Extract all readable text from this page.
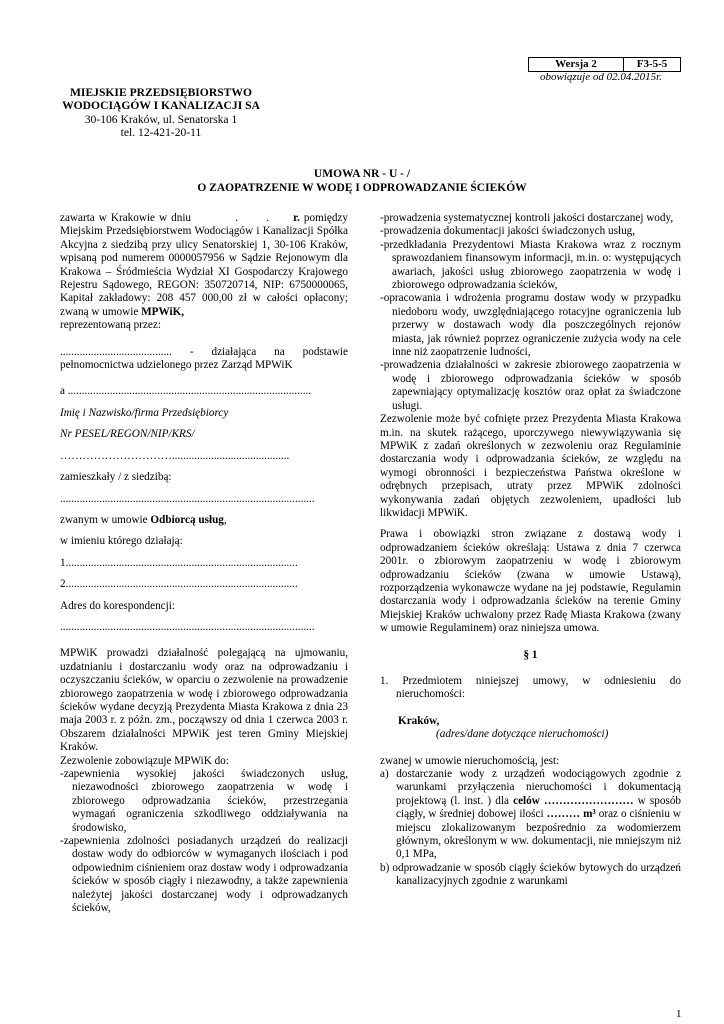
Wersja 2	F3-5-5
obowiązuje od 02.04.2015r.
MIEJSKIE PRZEDSIĘBIORSTWO
WODOCIĄGÓW I KANALIZACJI SA
30-106 Kraków, ul. Senatorska 1
tel. 12-421-20-11
UMOWA NR - U - /
O ZAOPATRZENIE W WODĘ I ODPROWADZANIE ŚCIEKÓW

zawarta w Krakowie w dniu           .       .      r. pomiędzy Miejskim Przedsiębiorstwem Wodociągów i Kanalizacji Spółka Akcyjna z siedzibą przy ulicy Senatorskiej 1, 30-106 Kraków, wpisaną pod numerem 0000057956 w Sądzie Rejonowym dla Krakowa – Śródmieścia Wydział XI Gospodarczy Krajowego Rejestru Sądowego, REGON: 350720714, NIP: 6750000065, Kapitał zakładowy: 208 457 000,00 zł w całości opłacony; zwaną w umowie MPWiK,

reprezentowaną przez:

........................................ - działająca na podstawie pełnomocnictwa udzielonego przez Zarząd MPWiK

a .......................................................................................

Imię i Nazwisko/firma Przedsiębiorcy

Nr PESEL/REGON/NIP/KRS/

…………………………..........................................

zamieszkały / z siedzibą:

...........................................................................................

zwanym w umowie Odbiorcą usług,

w imieniu którego działają:

1...................................................................................

2...................................................................................

Adres do korespondencji:

...........................................................................................

MPWiK prowadzi działalność polegającą na ujmowaniu, uzdatnianiu i dostarczaniu wody oraz na odprowadzaniu i oczyszczaniu ścieków, w oparciu o zezwolenie na prowadzenie zbiorowego zaopatrzenia w wodę i zbiorowego odprowadzania ścieków wydane decyzją Prezydenta Miasta Krakowa z dnia 23 maja 2003 r. z późn. zm., począwszy od dnia 1 czerwca 2003 r. Obszarem działalności MPWiK jest teren Gminy Miejskiej Kraków.

Zezwolenie zobowiązuje MPWiK do:

-zapewnienia wysokiej jakości świadczonych usług, niezawodności zbiorowego zaopatrzenia w wodę i zbiorowego odprowadzania ścieków, przestrzegania wymagań ograniczenia szkodliwego oddziaływania na środowisko,

-zapewnienia zdolności posiadanych urządzeń do realizacji dostaw wody do odbiorców w wymaganych ilościach i pod odpowiednim ciśnieniem oraz dostaw wody i odprowadzania ścieków w sposób ciągły i niezawodny, a także zapewnienia należytej jakości dostarczanej wody i odprowadzanych ścieków,

-prowadzenia systematycznej kontroli jakości dostarczanej wody,

-prowadzenia dokumentacji jakości świadczonych usług,

-przedkładania Prezydentowi Miasta Krakowa wraz z rocznym sprawozdaniem finansowym informacji, m.in. o: występujących awariach, jakości usług zbiorowego zaopatrzenia w wodę i zbiorowego odprowadzania ścieków,

-opracowania i wdrożenia programu dostaw wody w przypadku niedoboru wody, uwzględniającego rotacyjne ograniczenia lub przerwy w dostawach wody dla poszczególnych rejonów miasta, jak również poprzez ograniczenie zużycia wody na cele inne niż zaopatrzenie ludności,

-prowadzenia działalności w zakresie zbiorowego zaopatrzenia w wodę i zbiorowego odprowadzania ścieków w sposób zapewniający optymalizację kosztów oraz opłat za świadczone usługi.

Zezwolenie może być cofnięte przez Prezydenta Miasta Krakowa m.in. na skutek rażącego, uporczywego niewywiązywania się MPWiK z zadań określonych w zezwoleniu oraz Regulaminie dostarczania wody i odprowadzania ścieków, ze względu na wymogi obronności i bezpieczeństwa Państwa określone w odrębnych przepisach, utraty przez MPWiK zdolności wykonywania zadań objętych zezwoleniem, upadłości lub likwidacji MPWiK.

Prawa i obowiązki stron związane z dostawą wody i odprowadzaniem ścieków określają: Ustawa z dnia 7 czerwca 2001r. o zbiorowym zaopatrzeniu w wodę i zbiorowym odprowadzaniu ścieków (zwana w umowie Ustawą), rozporządzenia wykonawcze wydane na jej podstawie, Regulamin dostarczania wody i odprowadzania ścieków na terenie Gminy Miejskiej Kraków uchwalony przez Radę Miasta Krakowa (zwany w umowie Regulaminem) oraz niniejsza umowa.

§ 1

1. Przedmiotem niniejszej umowy, w odniesieniu do nieruchomości:

Kraków,

(adres/dane dotyczące nieruchomości)

zwanej w umowie nieruchomością, jest:

a) dostarczanie wody z urządzeń wodociągowych zgodnie z warunkami przyłączenia nieruchomości i dokumentacją projektową (l. inst. ) dla celów …………………… w sposób ciągły, w średniej dobowej ilości ……… m³ oraz o ciśnieniu w miejscu zlokalizowanym bezpośrednio za wodomierzem głównym, określonym w ww. dokumentacji, nie mniejszym niż 0,1 MPa,

b) odprowadzanie w sposób ciągły ścieków bytowych do urządzeń kanalizacyjnych zgodnie z warunkami

1
